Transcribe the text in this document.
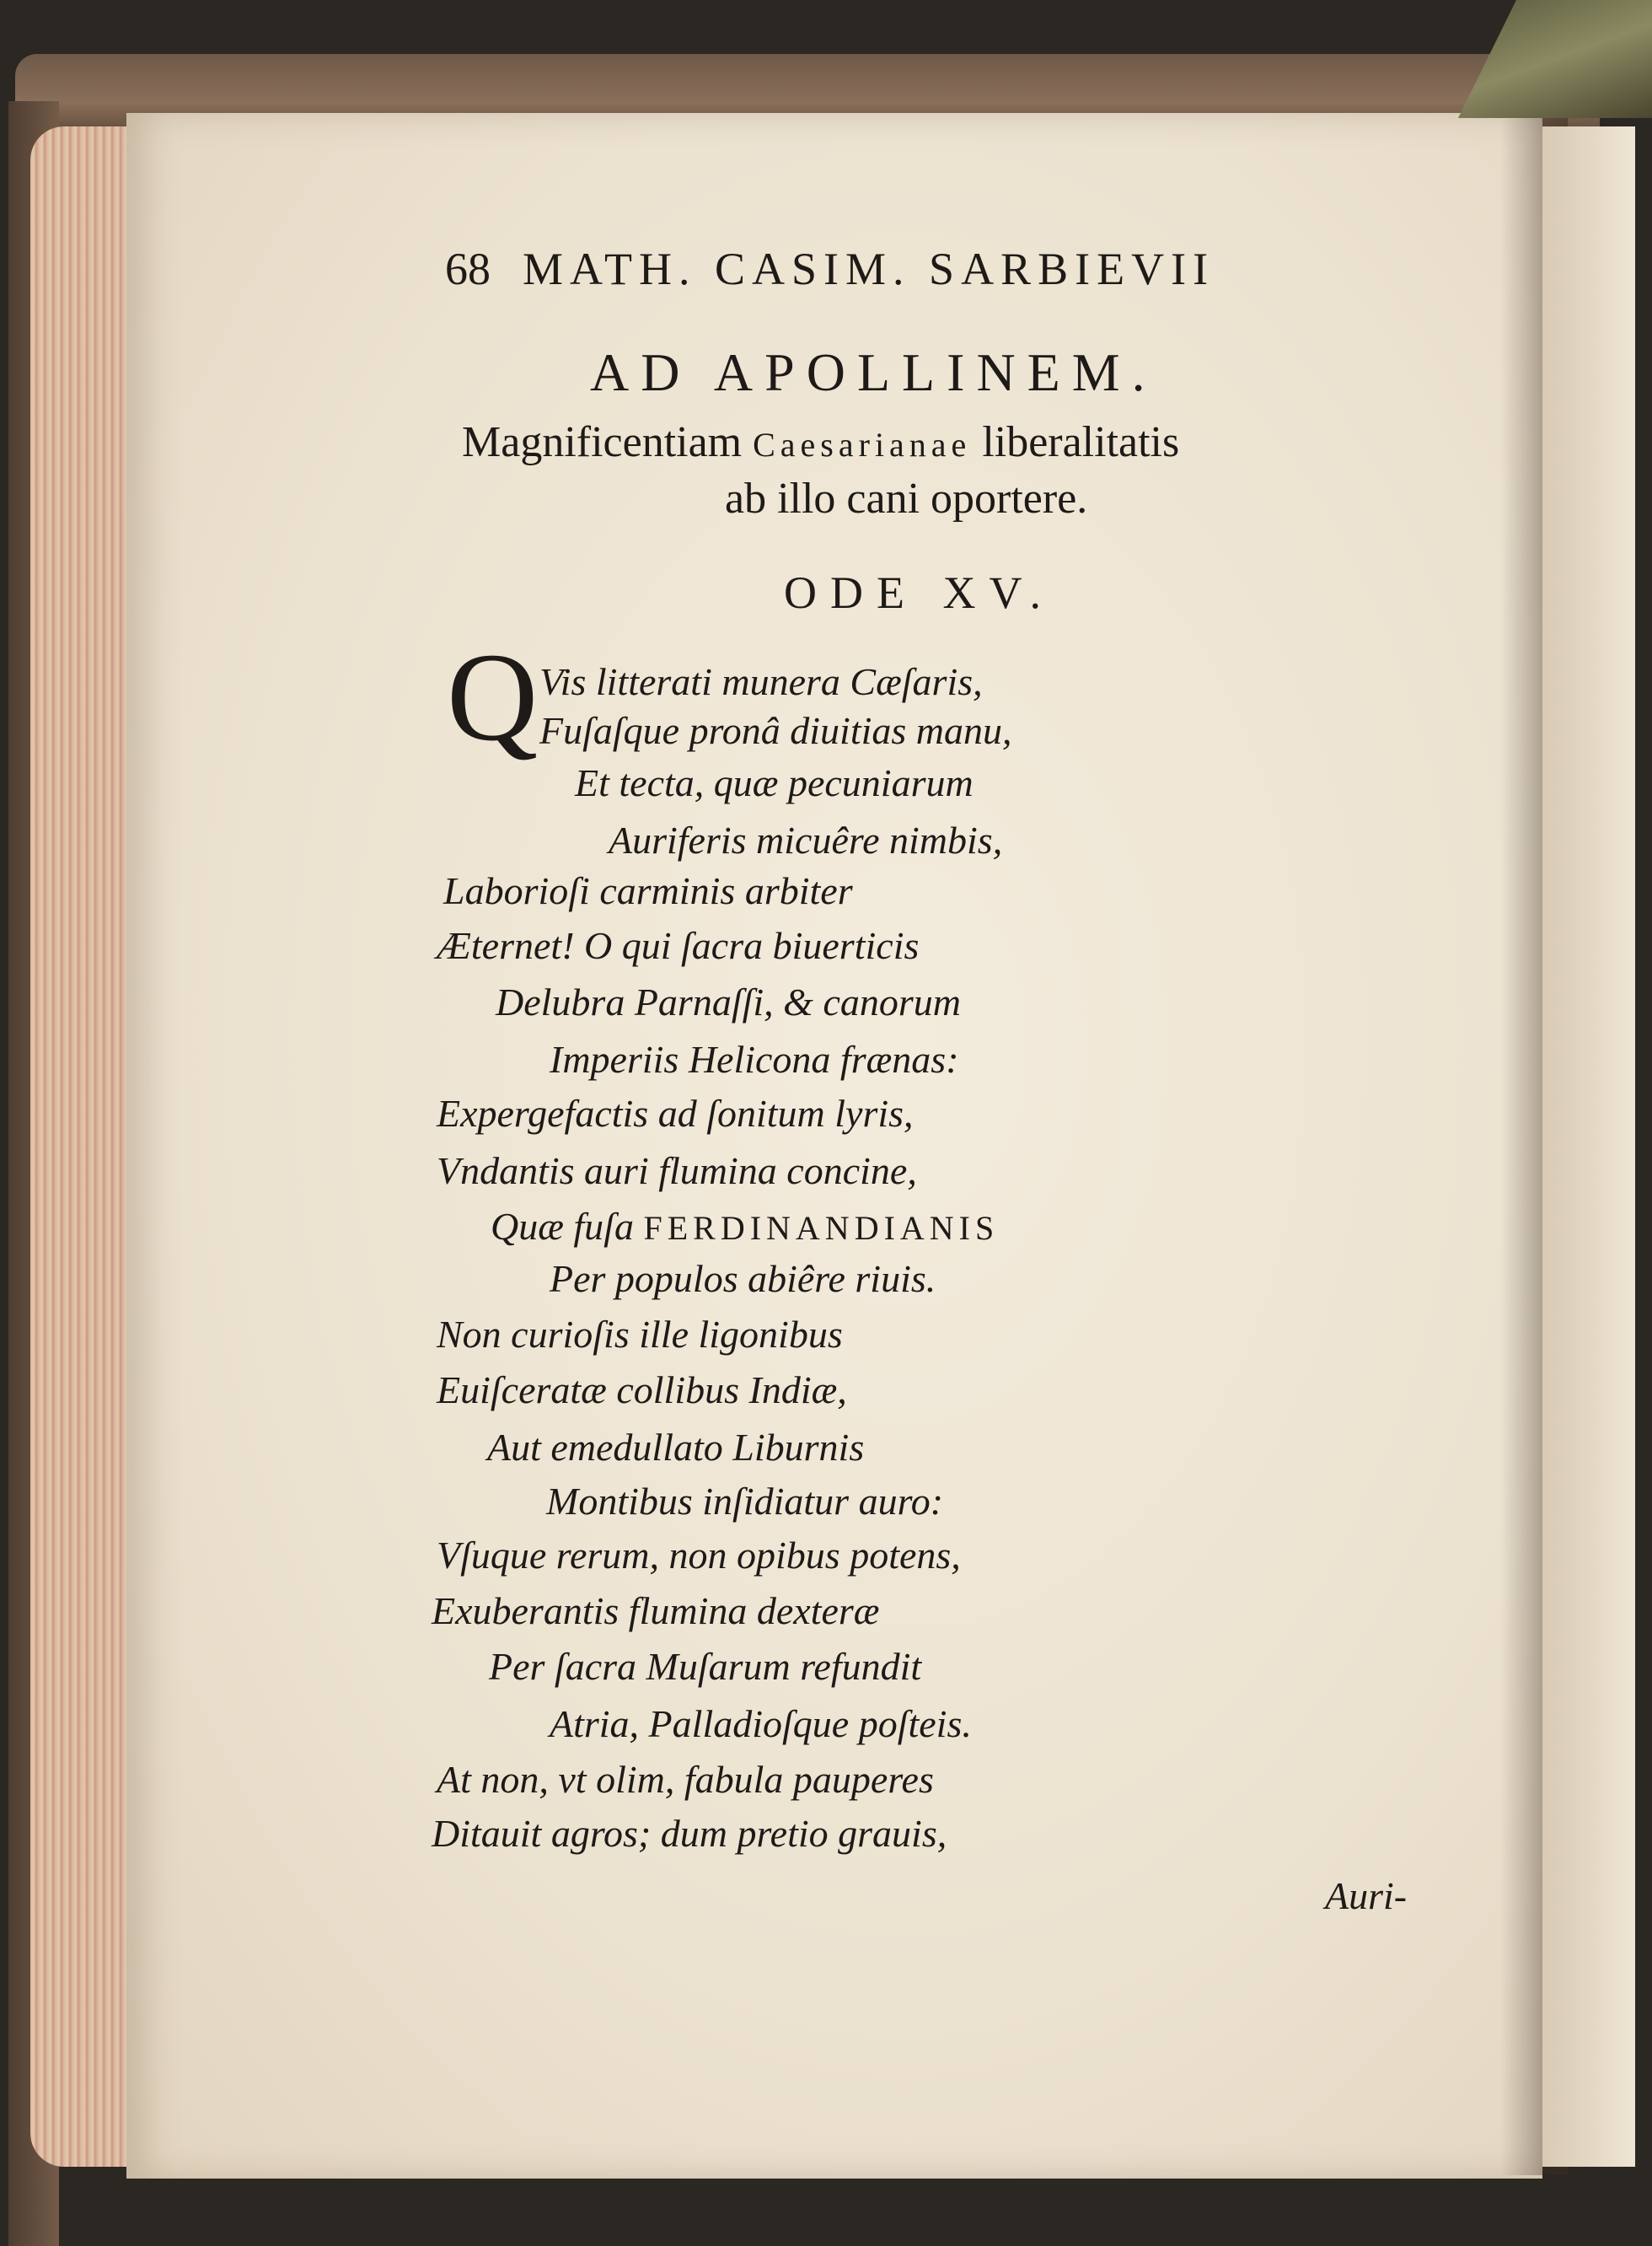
68 MATH. CASIM. SARBIEVII
AD APOLLINEM.
Magnificentiam Caesarianae liberalitatis
ab illo cani oportere.
ODE XV.
Q Vis litterati munera Cæſaris,
Fuſaſque pronâ diuitias manu,
Et tecta, quæ pecuniarum
Auriferis micuêre nimbis,
Laborioſi carminis arbiter
Æternet! O qui ſacra biuerticis
Delubra Parnaſſi, & canorum
Imperiis Helicona frænas:
Expergefactis ad ſonitum lyris,
Vndantis auri flumina concine,
Quæ fuſa FERDINANDIANIS
Per populos abiêre riuis.
Non curioſis ille ligonibus
Euiſceratæ collibus Indiæ,
Aut emedullato Liburnis
Montibus inſidiatur auro:
Vſuque rerum, non opibus potens,
Exuberantis flumina dexteræ
Per ſacra Muſarum refundit
Atria, Palladioſque poſteis.
At non, vt olim, fabula pauperes
Ditauit agros; dum pretio grauis,
Auri-
